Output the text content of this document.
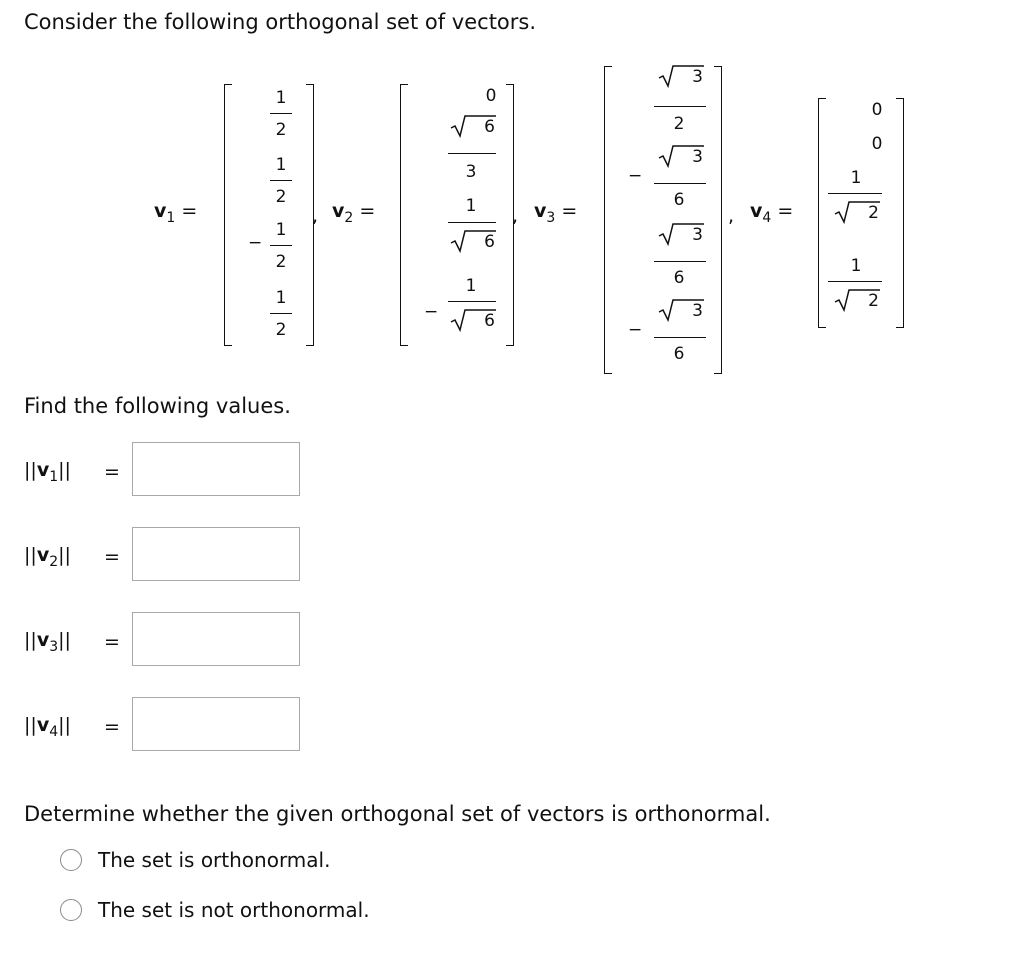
Consider the following orthogonal set of vectors.
$v_1$ =
1
2
1
2
−
1
2
1
2
, $v_2$ =
0
6
3
1
6
−
1
6
, $v_3$ =
3
2
−
3
6
3
6
−
3
6
, $v_4$ =
0
0
1
2
1
2
Find the following values.
$||v_1||$ =
$||v_2||$ =
$||v_3||$ =
$||v_4||$ =
Determine whether the given orthogonal set of vectors is orthonormal.
The set is orthonormal.
The set is not orthonormal.
